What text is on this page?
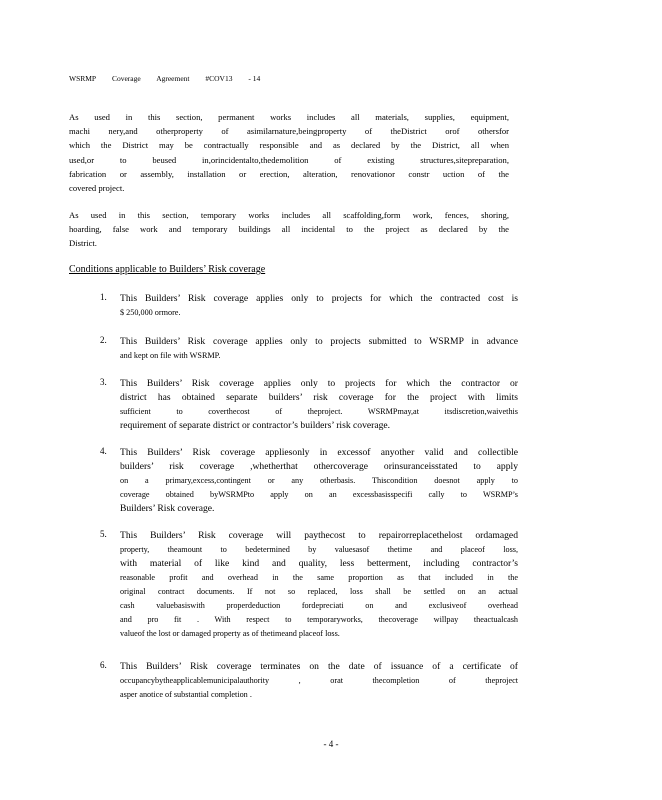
WSRMP Coverage Agreement #COV13 - 14
As used in this section, permanent works includes all materials, supplies, equipment,
machi nery,and otherproperty of asimilarnature,beingproperty of theDistrict orof othersfor
which the District may be contractually responsible and as declared by the District, all when
used,or to beused in,orincidentalto,thedemolition of existing structures,sitepreparation,
fabrication or assembly, installation or erection, alteration, renovationor constr uction of the
covered project.
As used in this section, temporary works includes all scaffolding,form work, fences, shoring,
hoarding, false work and temporary buildings all incidental to the project as declared by the
District.
Conditions applicable to Builders’ Risk coverage
1. This Builders’ Risk coverage applies only to projects for which the contracted cost is
$ 250,000 ormore.
2. This Builders’ Risk coverage applies only to projects submitted to WSRMP in advance
and kept on file with WSRMP.
3. This Builders’ Risk coverage applies only to projects for which the contractor or
district has obtained separate builders’ risk coverage for the project with limits
sufficient to coverthecost of theproject. WSRMPmay,at itsdiscretion,waivethis
requirement of separate district or contractor’s builders’ risk coverage.
4. This Builders’ Risk coverage appliesonly in excessof anyother valid and collectible
builders’ risk coverage ,whetherthat othercoverage orinsuranceisstated to apply
on a primary,excess,contingent or any otherbasis. Thiscondition doesnot apply to
coverage obtained byWSRMPto apply on an excessbasisspecifi cally to WSRMP’s
Builders’ Risk coverage.
5. This Builders’ Risk coverage will paythecost to repairorreplacethelost ordamaged
property, theamount to bedetermined by valuesasof thetime and placeof loss,
with material of like kind and quality, less betterment, including contractor’s
reasonable profit and overhead in the same proportion as that included in the
original contract documents. If not so replaced, loss shall be settled on an actual
cash valuebasiswith properdeduction fordepreciati on and exclusiveof overhead
and pro fit . With respect to temporaryworks, thecoverage willpay theactualcash
valueof the lost or damaged property as of thetimeand placeof loss.
6. This Builders’ Risk coverage terminates on the date of issuance of a certificate of
occupancybytheapplicablemunicipalauthority , orat thecompletion of theproject
asper anotice of substantial completion .
- 4 -
